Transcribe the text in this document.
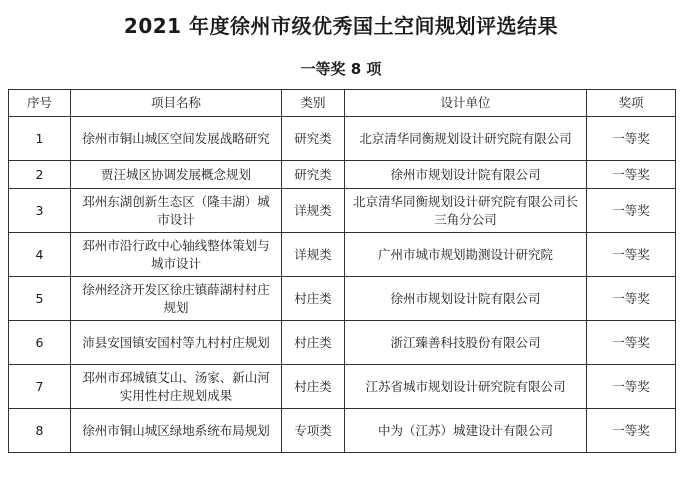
2021 年度徐州市级优秀国土空间规划评选结果
一等奖 8 项
序号	项目名称	类别	设计单位	奖项
1	徐州市铜山城区空间发展战略研究	研究类	北京清华同衡规划设计研究院有限公司	一等奖
2	贾汪城区协调发展概念规划	研究类	徐州市规划设计院有限公司	一等奖
3	邳州东湖创新生态区（隆丰湖）城市设计	详规类	北京清华同衡规划设计研究院有限公司长三角分公司	一等奖
4	邳州市沿行政中心轴线整体策划与城市设计	详规类	广州市城市规划勘测设计研究院	一等奖
5	徐州经济开发区徐庄镇薛湖村村庄规划	村庄类	徐州市规划设计院有限公司	一等奖
6	沛县安国镇安国村等九村村庄规划	村庄类	浙江臻善科技股份有限公司	一等奖
7	邳州市邳城镇艾山、汤家、新山河实用性村庄规划成果	村庄类	江苏省城市规划设计研究院有限公司	一等奖
8	徐州市铜山城区绿地系统布局规划	专项类	中为（江苏）城建设计有限公司	一等奖
